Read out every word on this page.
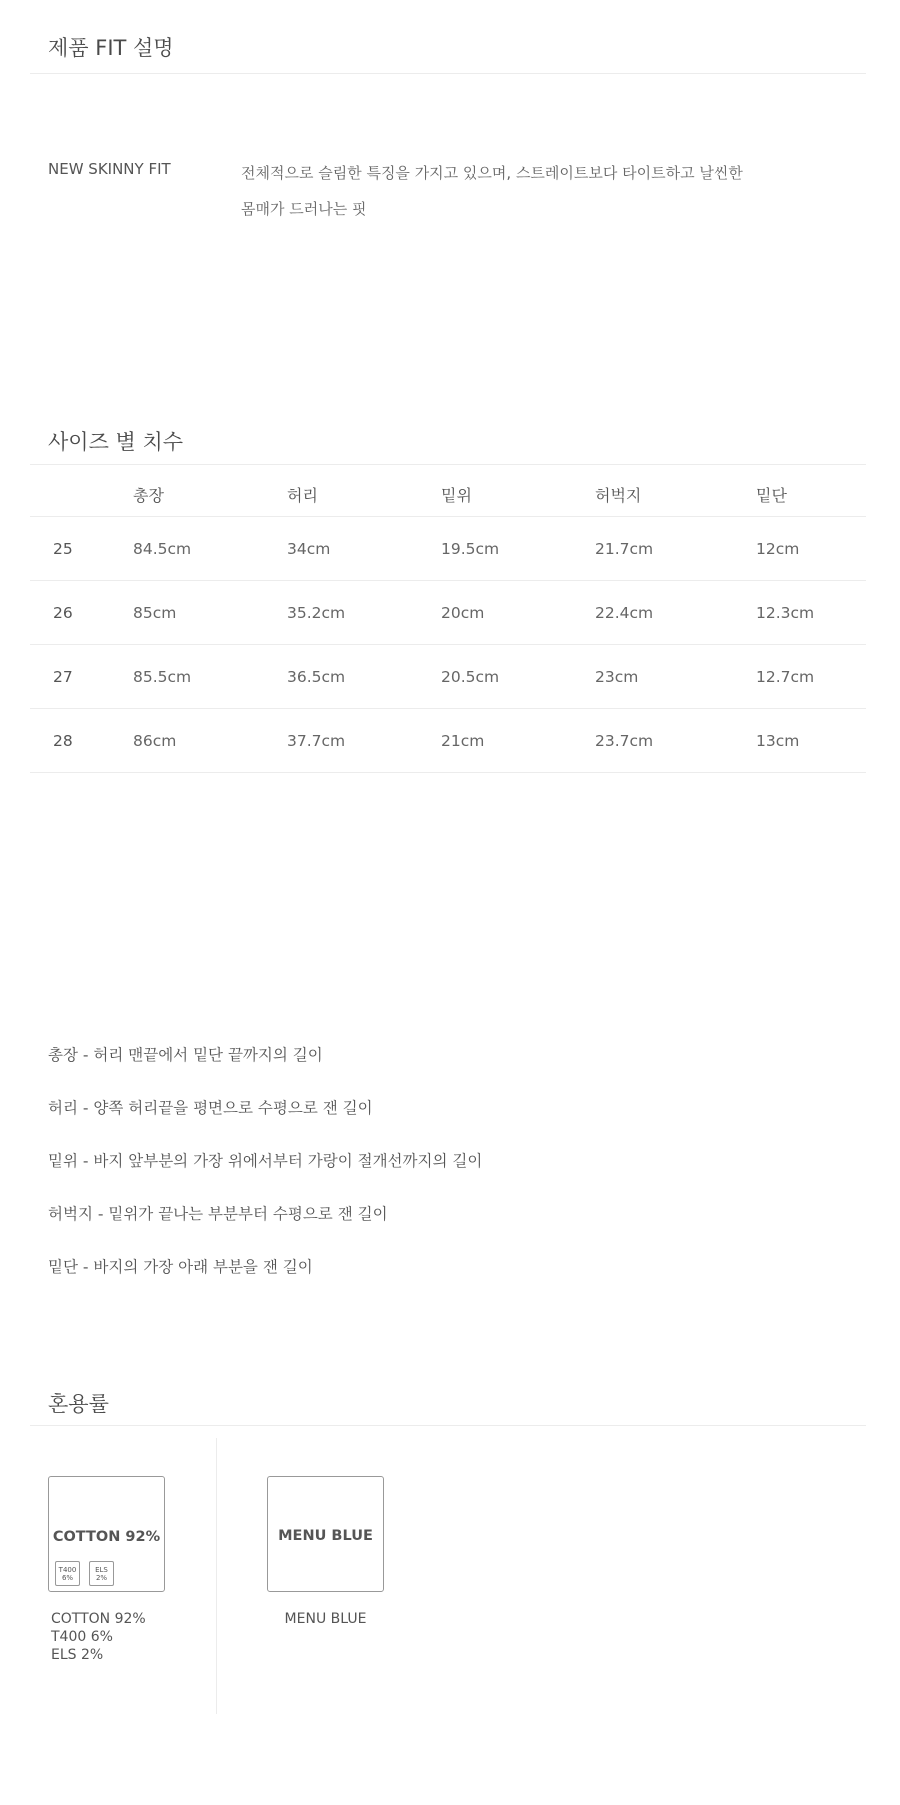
제품 FIT 설명
NEW SKINNY FIT	전체적으로 슬림한 특징을 가지고 있으며, 스트레이트보다 타이트하고 날씬한 몸매가 드러나는 핏

사이즈 별 치수
	총장	허리	밑위	허벅지	밑단
25	84.5cm	34cm	19.5cm	21.7cm	12cm
26	85cm	35.2cm	20cm	22.4cm	12.3cm
27	85.5cm	36.5cm	20.5cm	23cm	12.7cm
28	86cm	37.7cm	21cm	23.7cm	13cm
총장 - 허리 맨끝에서 밑단 끝까지의 길이
허리 - 양쪽 허리끝을 평면으로 수평으로 잰 길이
밑위 - 바지 앞부분의 가장 위에서부터 가랑이 절개선까지의 길이
허벅지 - 밑위가 끝나는 부분부터 수평으로 잰 길이
밑단 - 바지의 가장 아래 부분을 잰 길이
혼용률
COTTON 92%
T400
6%
ELS
2%
COTTON 92%
T400 6%
ELS 2%
MENU BLUE
MENU BLUE
